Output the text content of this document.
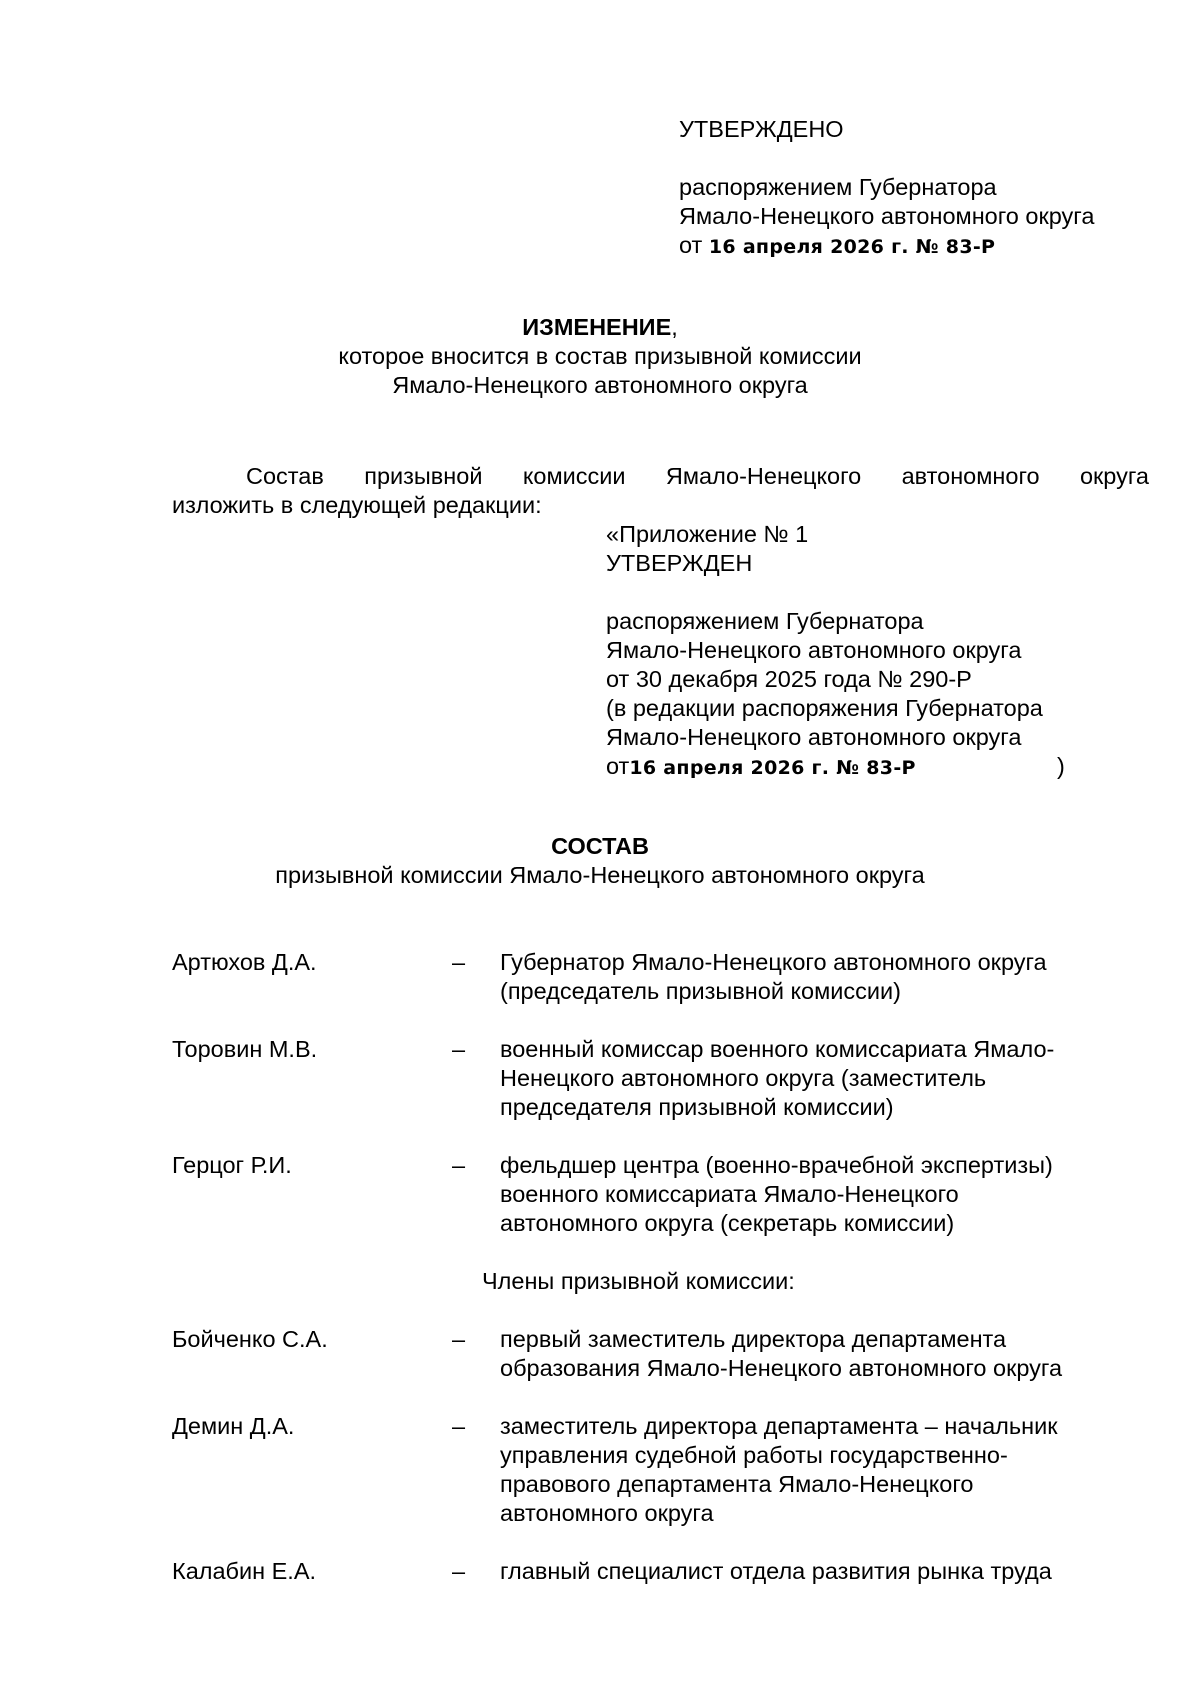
УТВЕРЖДЕНО
распоряжением Губернатора
Ямало-Ненецкого автономного округа
от 16 апреля 2026 г. № 83-Р
ИЗМЕНЕНИЕ,
которое вносится в состав призывной комиссии
Ямало-Ненецкого автономного округа
Состав призывной комиссии Ямало-Ненецкого автономного округа
изложить в следующей редакции:
«Приложение № 1
УТВЕРЖДЕН
распоряжением Губернатора
Ямало-Ненецкого автономного округа
от 30 декабря 2025 года № 290-Р
(в редакции распоряжения Губернатора
Ямало-Ненецкого автономного округа
от16 апреля 2026 г. № 83-Р	)
СОСТАВ
призывной комиссии Ямало-Ненецкого автономного округа
Артюхов Д.А.	–	Губернатор Ямало-Ненецкого автономного округа
(председатель призывной комиссии)
Торовин М.В.	–	военный комиссар военного комиссариата Ямало-
Ненецкого автономного округа (заместитель
председателя призывной комиссии)
Герцог Р.И.	–	фельдшер центра (военно-врачебной экспертизы)
военного комиссариата Ямало-Ненецкого
автономного округа (секретарь комиссии)
Члены призывной комиссии:
Бойченко С.А.	–	первый заместитель директора департамента
образования Ямало-Ненецкого автономного округа
Демин Д.А.	–	заместитель директора департамента – начальник
управления судебной работы государственно-
правового департамента Ямало-Ненецкого
автономного округа
Калабин Е.А.	–	главный специалист отдела развития рынка труда
